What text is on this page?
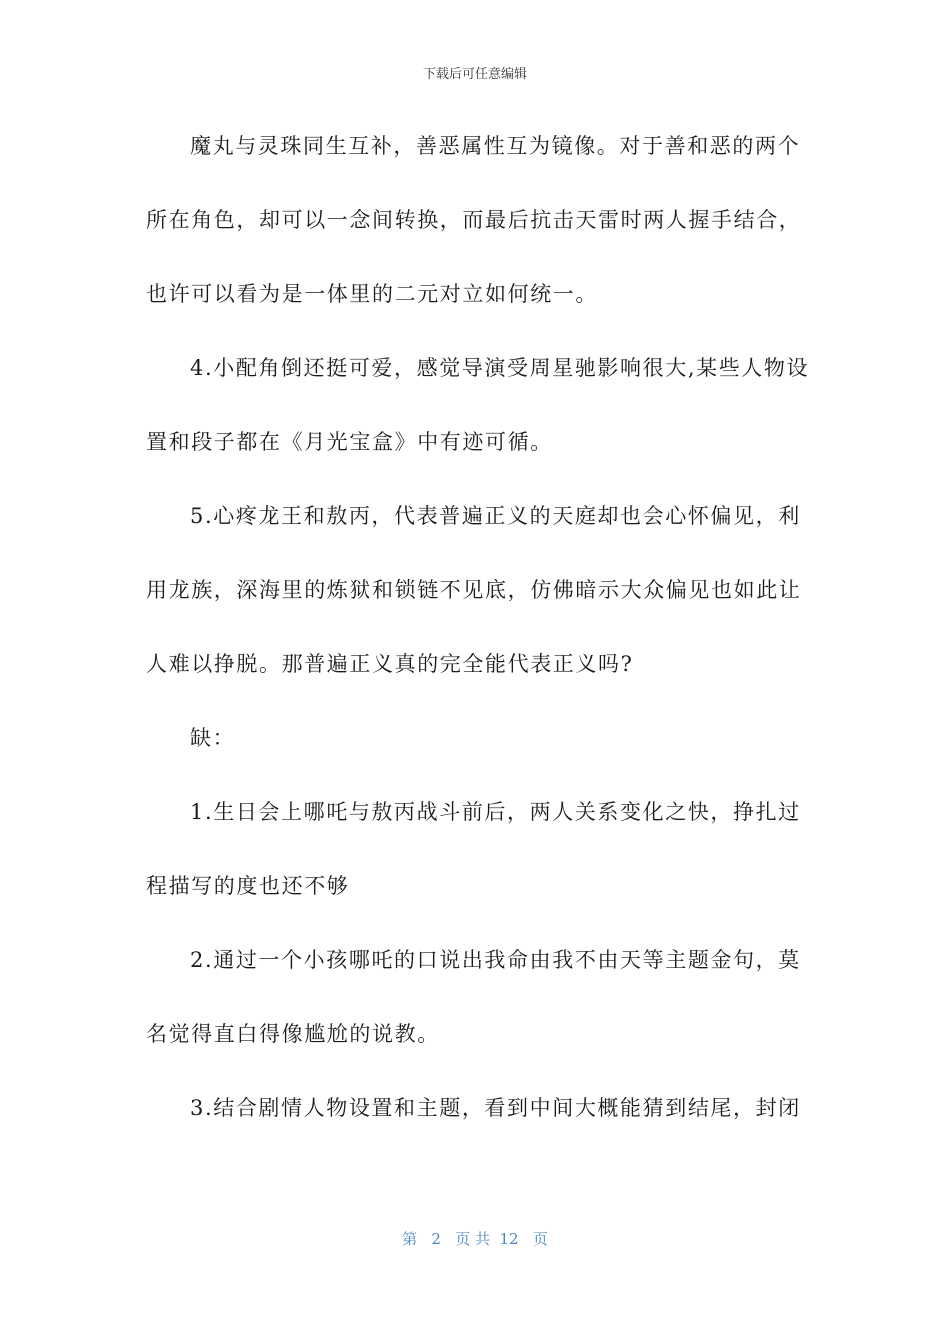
下载后可任意编辑
魔丸与灵珠同生互补，善恶属性互为镜像。对于善和恶的两个
所在角色，却可以一念间转换，而最后抗击天雷时两人握手结合，
也许可以看为是一体里的二元对立如何统一。
4.小配角倒还挺可爱，感觉导演受周星驰影响很大,某些人物设
置和段子都在《月光宝盒》中有迹可循。
5.心疼龙王和敖丙，代表普遍正义的天庭却也会心怀偏见，利
用龙族，深海里的炼狱和锁链不见底，仿佛暗示大众偏见也如此让
人难以挣脱。那普遍正义真的完全能代表正义吗?
缺：
1.生日会上哪吒与敖丙战斗前后，两人关系变化之快，挣扎过
程描写的度也还不够
2.通过一个小孩哪吒的口说出我命由我不由天等主题金句，莫
名觉得直白得像尴尬的说教。
3.结合剧情人物设置和主题，看到中间大概能猜到结尾，封闭
第   2   页 共  12   页
